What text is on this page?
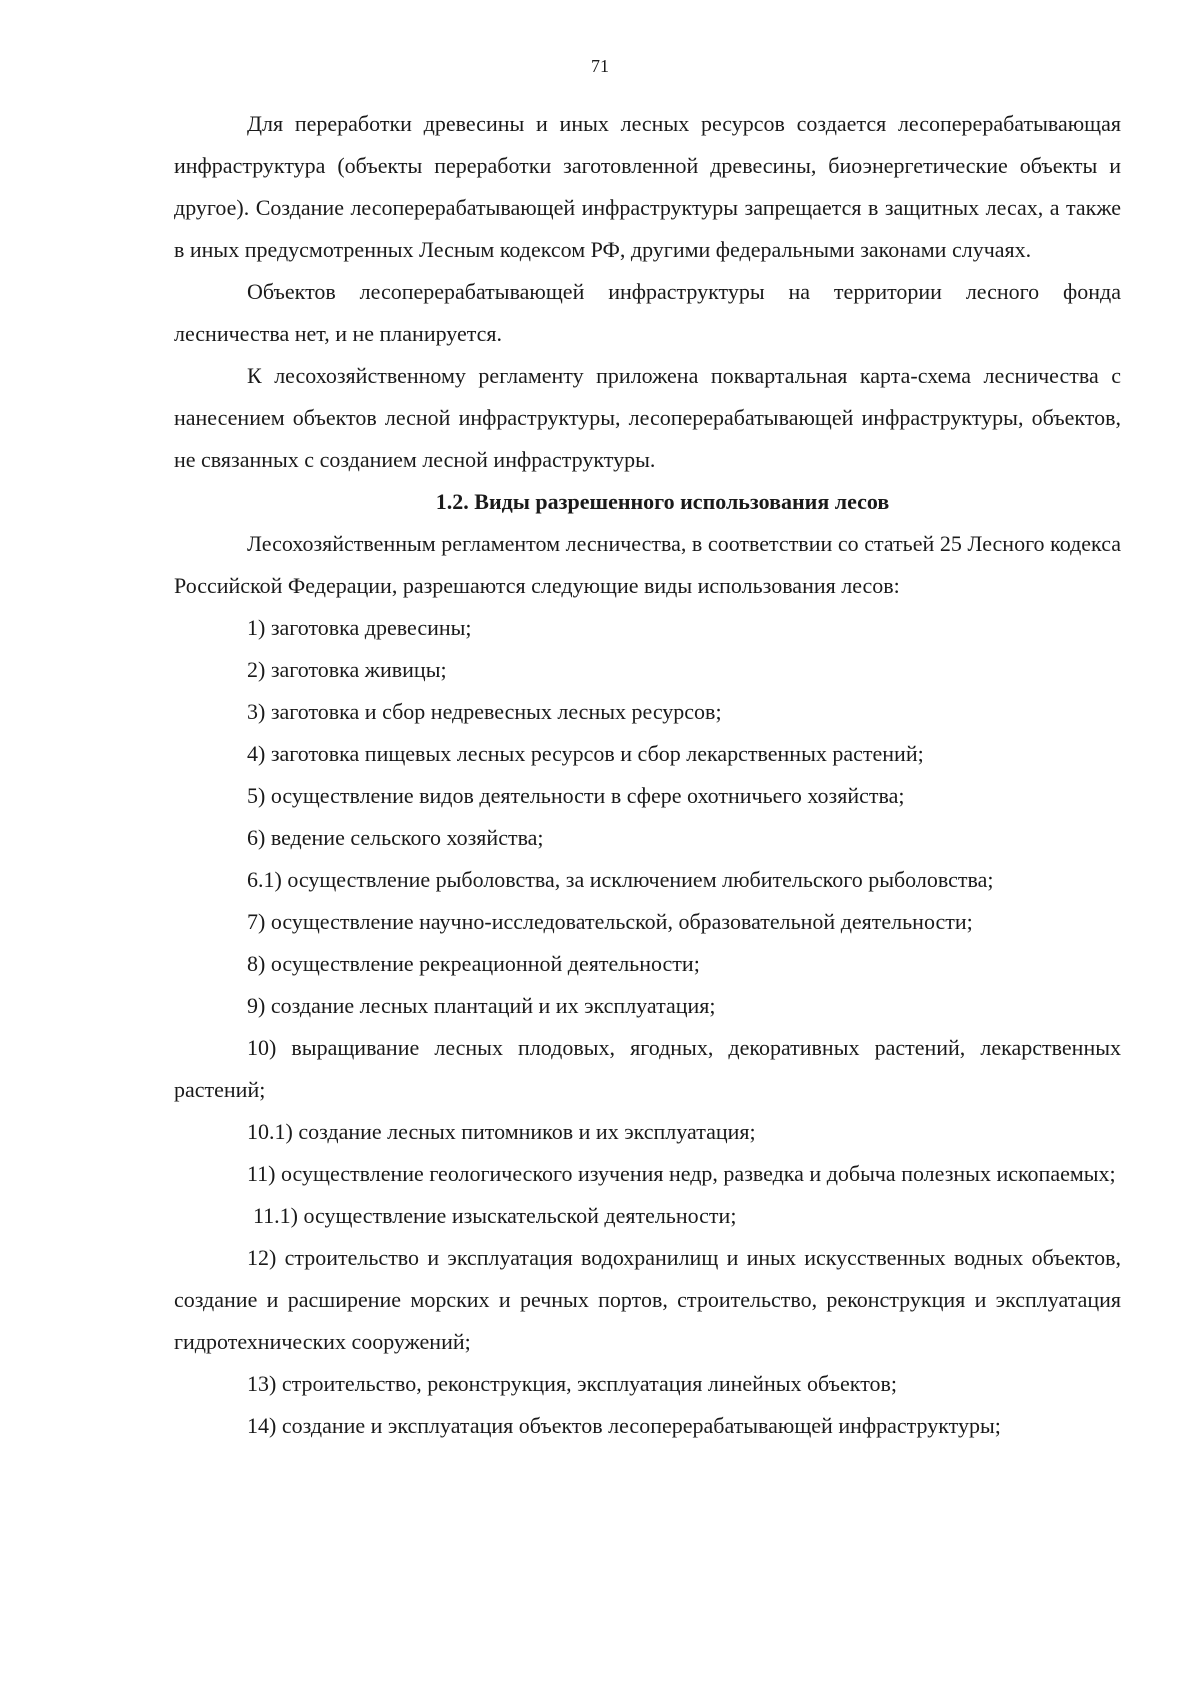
71

Для переработки древесины и иных лесных ресурсов создается лесоперерабатывающая инфраструктура (объекты переработки заготовленной древесины, биоэнергетические объекты и другое). Создание лесоперерабатывающей инфраструктуры запрещается в защитных лесах, а также в иных предусмотренных Лесным кодексом РФ, другими федеральными законами случаях.

Объектов лесоперерабатывающей инфраструктуры на территории лесного фонда лесничества нет, и не планируется.

К лесохозяйственному регламенту приложена поквартальная карта-схема лесничества с нанесением объектов лесной инфраструктуры, лесоперерабатывающей инфраструктуры, объектов, не связанных с созданием лесной инфраструктуры.

1.2. Виды разрешенного использования лесов

Лесохозяйственным регламентом лесничества, в соответствии со статьей 25 Лесного кодекса Российской Федерации, разрешаются следующие виды использования лесов:

1) заготовка древесины;

2) заготовка живицы;

3) заготовка и сбор недревесных лесных ресурсов;

4) заготовка пищевых лесных ресурсов и сбор лекарственных растений;

5) осуществление видов деятельности в сфере охотничьего хозяйства;

6) ведение сельского хозяйства;

6.1) осуществление рыболовства, за исключением любительского рыболовства;

7) осуществление научно-исследовательской, образовательной деятельности;

8) осуществление рекреационной деятельности;

9) создание лесных плантаций и их эксплуатация;

10) выращивание лесных плодовых, ягодных, декоративных растений, лекарственных растений;

10.1) создание лесных питомников и их эксплуатация;

11) осуществление геологического изучения недр, разведка и добыча полезных ископаемых;

11.1) осуществление изыскательской деятельности;

12) строительство и эксплуатация водохранилищ и иных искусственных водных объектов, создание и расширение морских и речных портов, строительство, реконструкция и эксплуатация гидротехнических сооружений;

13) строительство, реконструкция, эксплуатация линейных объектов;

14) создание и эксплуатация объектов лесоперерабатывающей инфраструктуры;
